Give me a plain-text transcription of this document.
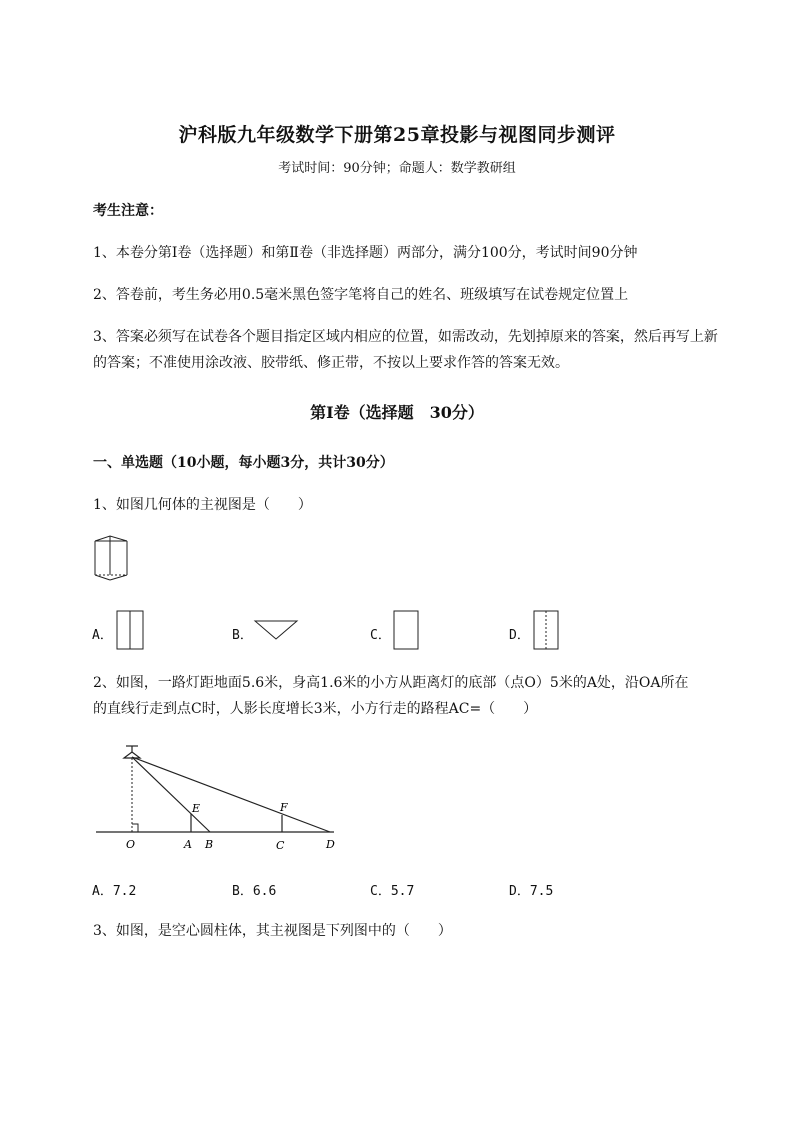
沪科版九年级数学下册第25章投影与视图同步测评
考试时间：90分钟；命题人：数学教研组
考生注意：
1、本卷分第I卷（选择题）和第Ⅱ卷（非选择题）两部分，满分100分，考试时间90分钟
2、答卷前，考生务必用0.5毫米黑色签字笔将自己的姓名、班级填写在试卷规定位置上
3、答案必须写在试卷各个题目指定区域内相应的位置，如需改动，先划掉原来的答案，然后再写上新
的答案；不准使用涂改液、胶带纸、修正带，不按以上要求作答的答案无效。
第I卷（选择题　30分）
一、单选题（10小题，每小题3分，共计30分）
1、如图几何体的主视图是（　　）
A．	B．	C．	D．
2、如图，一路灯距地面5.6米，身高1.6米的小方从距离灯的底部（点O）5米的A处，沿OA所在
的直线行走到点C时，人影长度增长3米，小方行走的路程AC=（　　）
O	A B
E	F
C	D
A．7.2	B．6.6	C．5.7	D．7.5
3、如图，是空心圆柱体，其主视图是下列图中的（　　）
